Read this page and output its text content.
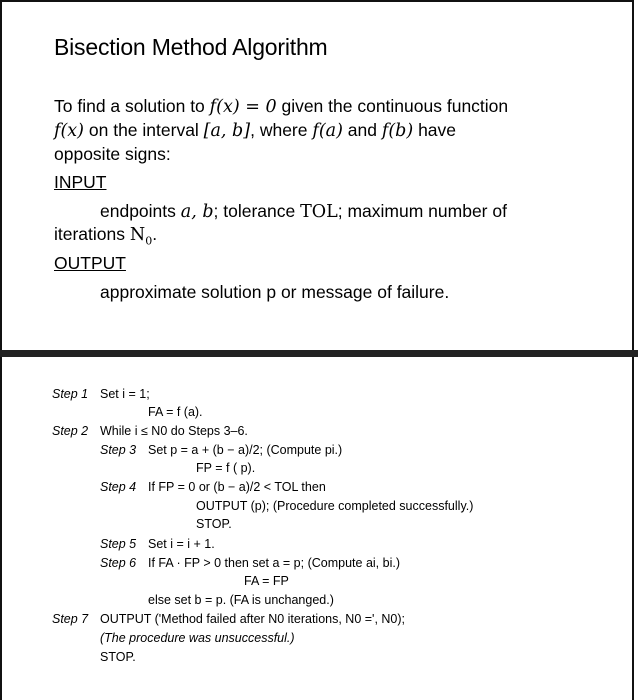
Bisection Method Algorithm
To find a solution to f(x) = 0 given the continuous function
f(x) on the interval [a, b], where f(a) and f(b) have
opposite signs:
INPUT
endpoints a, b; tolerance TOL; maximum number of
iterations $N_0$.
OUTPUT
approximate solution p or message of failure.
Step 1 Set i = 1;
FA = f (a).
Step 2 While i ≤ N0 do Steps 3–6.
Step 3 Set p = a + (b − a)/2; (Compute pi.)
FP = f ( p).
Step 4 If FP = 0 or (b − a)/2 < TOL then
OUTPUT (p); (Procedure completed successfully.)
STOP.
Step 5 Set i = i + 1.
Step 6 If FA · FP > 0 then set a = p; (Compute ai, bi.)
FA = FP
else set b = p. (FA is unchanged.)
Step 7 OUTPUT ('Method failed after N0 iterations, N0 =', N0);
(The procedure was unsuccessful.)
STOP.
